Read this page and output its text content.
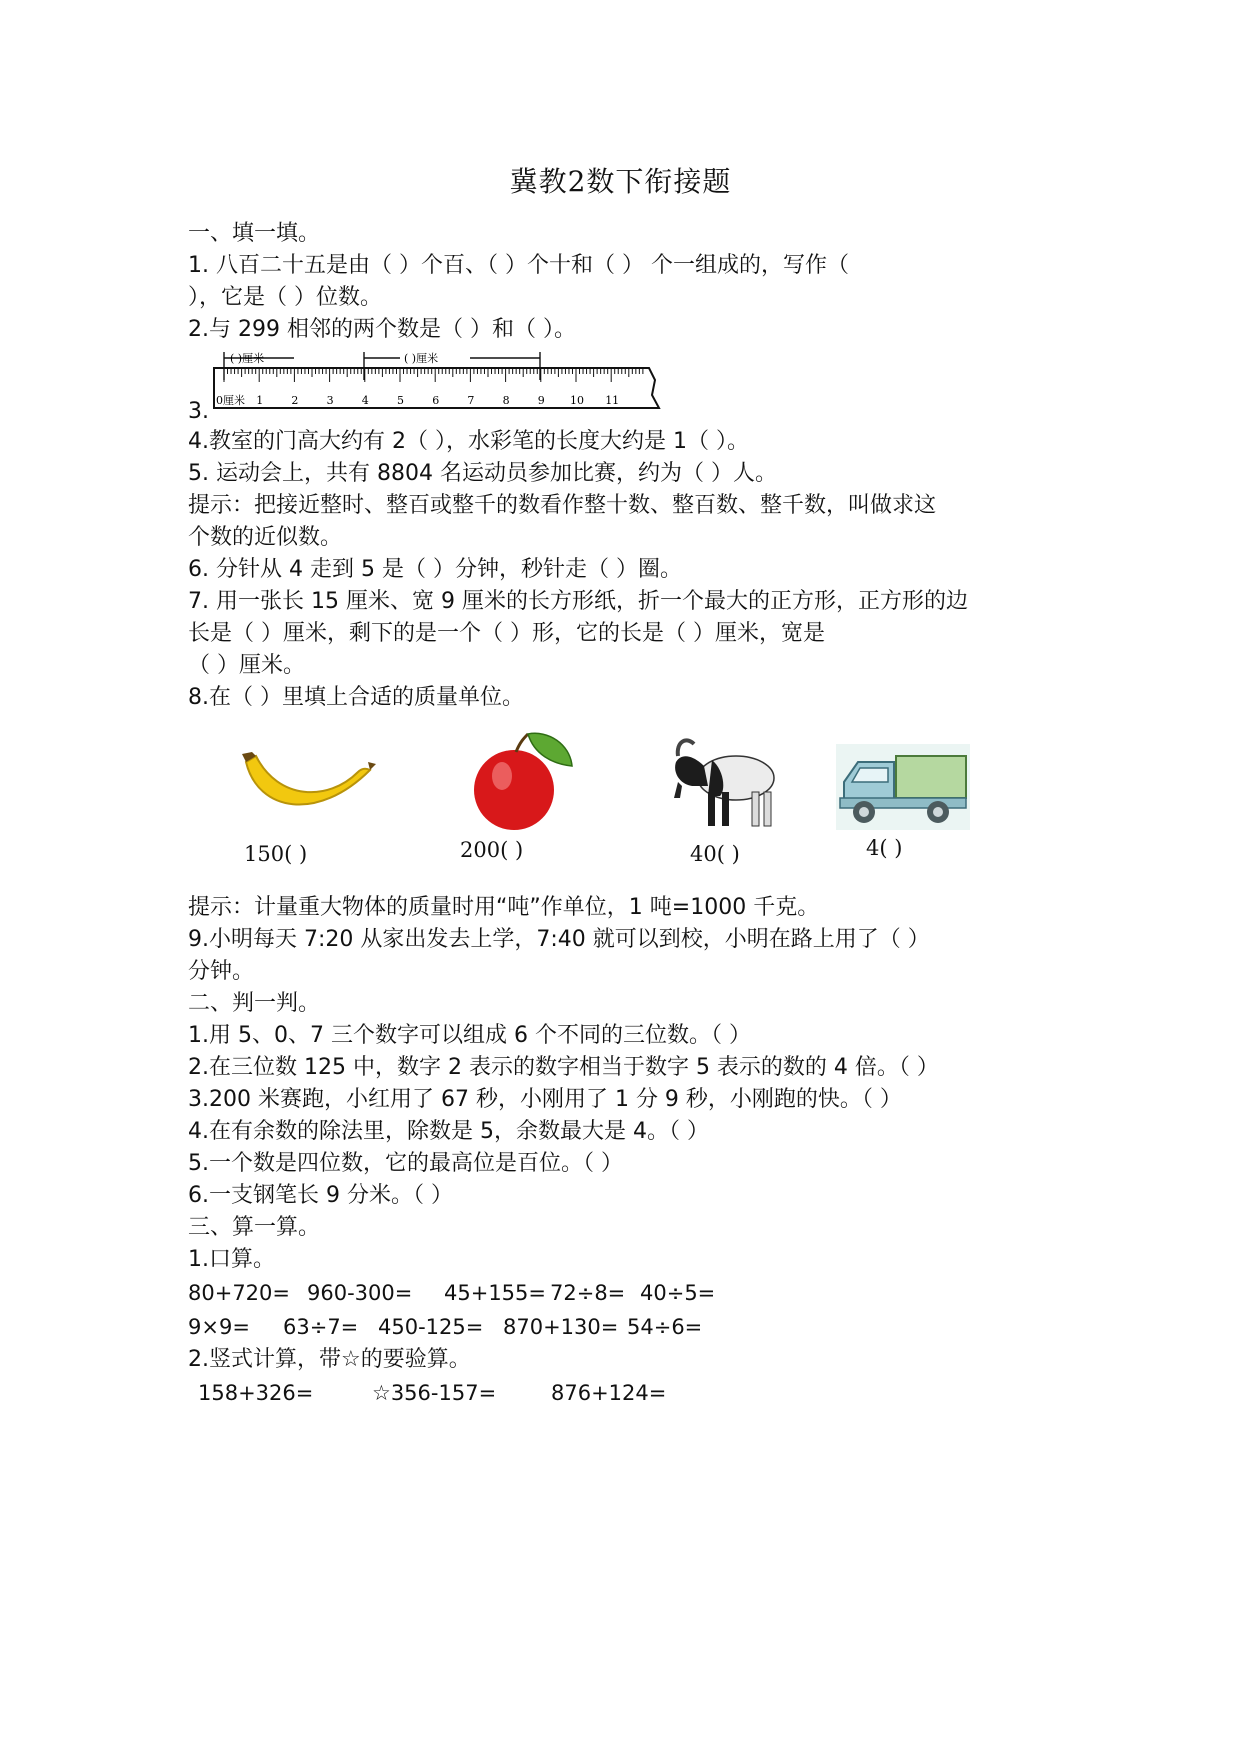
冀教2数下衔接题

一、填一填。

1. 八百二十五是由（ ）个百、（ ）个十和（ ） 个一组成的，写作（

），它是（ ）位数。

2.与 299 相邻的两个数是（ ）和（ ）。

3.
( )厘米	( )厘米
0厘米 1	2	3	4	5	6	7	8	9 10 11

4.教室的门高大约有 2（ ），水彩笔的长度大约是 1（ ）。

5. 运动会上，共有 8804 名运动员参加比赛，约为（ ）人。

提示：把接近整时、整百或整千的数看作整十数、整百数、整千数，叫做求这

个数的近似数。

6. 分针从 4 走到 5 是（ ）分钟，秒针走（ ）圈。

7. 用一张长 15 厘米、宽 9 厘米的长方形纸，折一个最大的正方形，正方形的边

长是（ ）厘米，剩下的是一个（ ）形，它的长是（ ）厘米，宽是

（ ）厘米。

8.在（ ）里填上合适的质量单位。

150( )	200( )	40( )	4( )

提示：计量重大物体的质量时用“吨”作单位，1 吨=1000 千克。

9.小明每天 7:20 从家出发去上学，7:40 就可以到校，小明在路上用了（ ）

分钟。

二、判一判。

1.用 5、0、7 三个数字可以组成 6 个不同的三位数。（ ）

2.在三位数 125 中，数字 2 表示的数字相当于数字 5 表示的数的 4 倍。（ ）

3.200 米赛跑，小红用了 67 秒，小刚用了 1 分 9 秒，小刚跑的快。（ ）

4.在有余数的除法里，除数是 5，余数最大是 4。（ ）

5.一个数是四位数，它的最高位是百位。（ ）

6.一支钢笔长 9 分米。（ ）

三、算一算。

1.口算。

80+720= 960-300= 45+155= 72÷8= 40÷5=
9×9= 63÷7= 450-125= 870+130= 54÷6=

2.竖式计算，带☆的要验算。

158+326=	☆356-157=	876+124=
